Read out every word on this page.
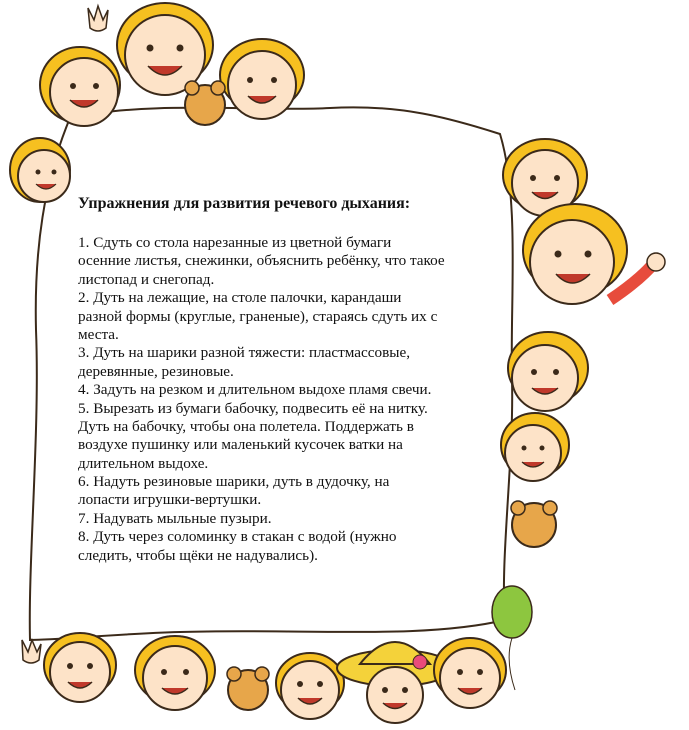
Упражнения для развития речевого дыхания:
1. Сдуть со стола нарезанные из цветной бумаги
осенние листья, снежинки, объяснить ребёнку, что такое
листопад и снегопад.
2. Дуть на лежащие, на столе палочки, карандаши
разной формы (круглые, граненые), стараясь сдуть их с
места.
3. Дуть на шарики разной тяжести: пластмассовые,
деревянные, резиновые.
4. Задуть на резком и длительном выдохе пламя свечи.
5. Вырезать из бумаги бабочку, подвесить её на нитку.
Дуть на бабочку, чтобы она полетела. Поддержать в
воздухе пушинку или маленький кусочек ватки на
длительном выдохе.
6. Надуть резиновые шарики, дуть в дудочку, на
лопасти игрушки-вертушки.
7. Надувать мыльные пузыри.
8. Дуть через соломинку в стакан с водой (нужно
следить, чтобы щёки не надувались).
